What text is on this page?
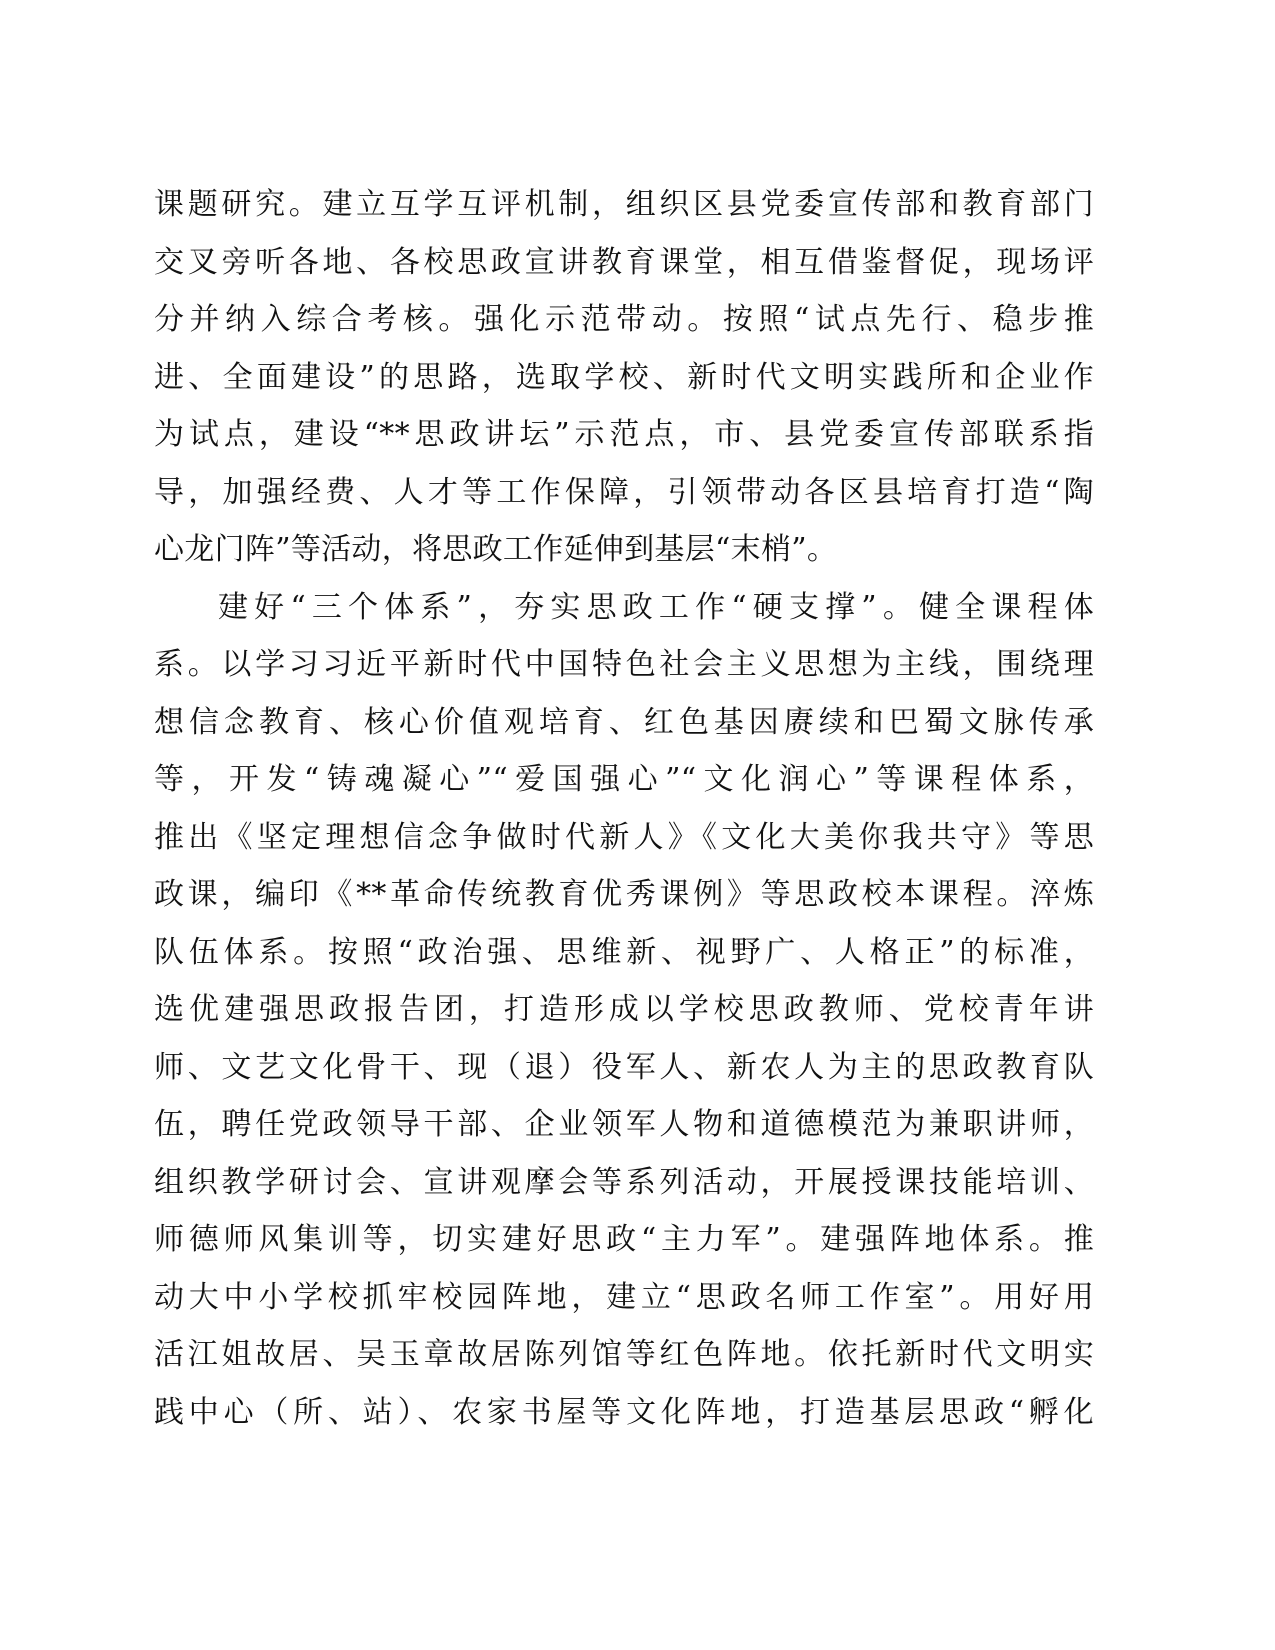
课题研究。建立互学互评机制，组织区县党委宣传部和教育部门
交叉旁听各地、各校思政宣讲教育课堂，相互借鉴督促，现场评
分并纳入综合考核。强化示范带动。按照“试点先行、稳步推
进、全面建设”的思路，选取学校、新时代文明实践所和企业作
为试点，建设“**思政讲坛”示范点，市、县党委宣传部联系指
导，加强经费、人才等工作保障，引领带动各区县培育打造“陶
心龙门阵”等活动，将思政工作延伸到基层“末梢”。
建好“三个体系”，夯实思政工作“硬支撑”。健全课程体
系。以学习习近平新时代中国特色社会主义思想为主线，围绕理
想信念教育、核心价值观培育、红色基因赓续和巴蜀文脉传承
等，开发“铸魂凝心”“爱国强心”“文化润心”等课程体系，
推出《坚定理想信念争做时代新人》《文化大美你我共守》等思
政课，编印《**革命传统教育优秀课例》等思政校本课程。淬炼
队伍体系。按照“政治强、思维新、视野广、人格正”的标准，
选优建强思政报告团，打造形成以学校思政教师、党校青年讲
师、文艺文化骨干、现（退）役军人、新农人为主的思政教育队
伍，聘任党政领导干部、企业领军人物和道德模范为兼职讲师，
组织教学研讨会、宣讲观摩会等系列活动，开展授课技能培训、
师德师风集训等，切实建好思政“主力军”。建强阵地体系。推
动大中小学校抓牢校园阵地，建立“思政名师工作室”。用好用
活江姐故居、吴玉章故居陈列馆等红色阵地。依托新时代文明实
践中心（所、站）、农家书屋等文化阵地，打造基层思政“孵化
